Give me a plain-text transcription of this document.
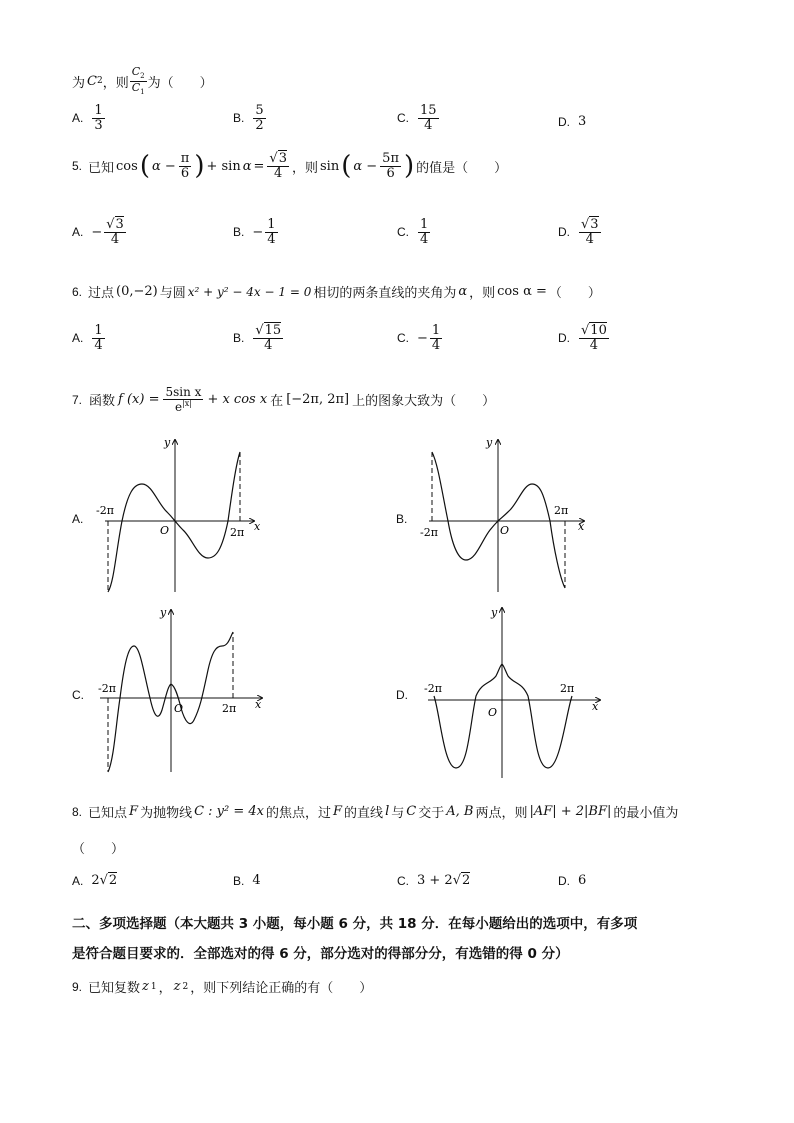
为 C 2 ，则 $\frac{C_2}{C_1}$ 为（　　）
A. $\frac{1}{3}$	B. $\frac{5}{2}$	C. $\frac{15}{4}$	D. 3
5. 已知 cos ( $\alpha - \frac{\pi}{6}$ ) + $\sin \alpha = \frac{√3}{4}$ ，则 sin ( $\alpha - \frac{5\pi}{6}$ ) 的值是（　　）
A. − $\frac{√3}{4}$	B. − $\frac{1}{4}$	C. $\frac{1}{4}$	D. $\frac{√3}{4}$
6. 过点 (0,−2) 与圆 x² + y² − 4x − 1 = 0 相切的两条直线的夹角为 α ，则 cos α = （　　）
A. $\frac{1}{4}$	B. $\frac{√15}{4}$	C. − $\frac{1}{4}$	D. $\frac{√10}{4}$
7. 函数 f $(x) = \frac{\text{5sin x}}{e^{|x|}} + x$ cos x 在 [−2π, 2π] 上的图象大致为（　　）
A.
-2π
2π
O	x
y
B.
-2π
2π
O	x
y
C. -2π
2π
O	x
y
D. -2π	2π
O	x
y
8. 已知点 F 为抛物线 C : y² = 4x 的焦点，过 F 的直线 l 与 C 交于 A, B 两点，则 |AF| + 2|BF| 的最小值为
（　　）
A. 2√2	B. 4	C. 3 + 2√2	D. 6
二、多项选择题（本大题共 3 小题，每小题 6 分，共 18 分．在每小题给出的选项中，有多项
是符合题目要求的．全部选对的得 6 分，部分选对的得部分分，有选错的得 0 分）
9. 已知复数 z 1 ， z 2 ，则下列结论正确的有（　　）
